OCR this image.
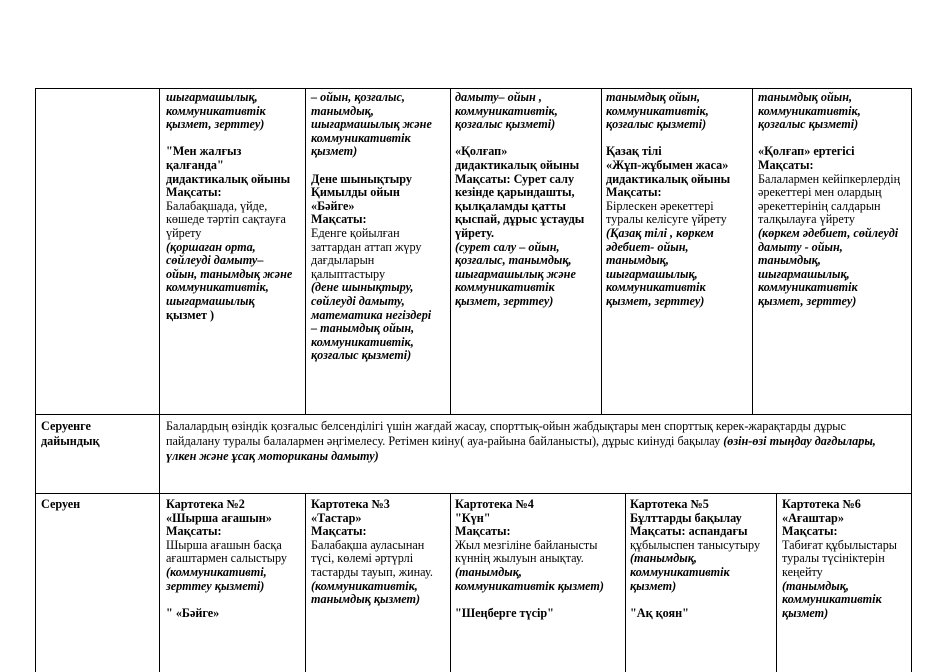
шығармашылық,

коммуникативтік

қызмет, зерттеу)

"Мен жалғыз

қалғанда"

дидактикалық ойыны

Мақсаты:

Балабақшада, үйде,

көшеде тәртіп сақтауға

үйрету

(қоршаған орта,

сөйлеуді дамыту–

ойын, танымдық және

коммуникативтік,

шығармашылық

қызмет )

– ойын, қозғалыс,

танымдық,

шығармашылық және

коммуникативтік

қызмет)

Дене шынықтыру

Қимылды ойын

«Бәйге»

Мақсаты:

Еденге қойылған

заттардан аттап жүру

дағдыларын

қалыптастыру

(дене шынықтыру,

сөйлеуді дамыту,

математика негіздері

– танымдық ойын,

коммуникативтік,

қозғалыс қызметі)

дамыту– ойын ,

коммуникативтік,

қозғалыс қызметі)

«Қолғап»

дидактикалық ойыны

Мақсаты: Сурет салу

кезінде қарындашты,

қылқаламды қатты

қыспай, дұрыс ұстауды

үйрету.

(сурет салу – ойын,

қозғалыс, танымдық,

шығармашылық және

коммуникативтік

қызмет, зерттеу)

танымдық ойын,

коммуникативтік,

қозғалыс қызметі)

Қазақ тілі

«Жұп-жұбымен жаса»

дидактикалық ойыны

Мақсаты:

Бірлескен әрекеттері

туралы келісуге үйрету

(Қазақ тілі , көркем

әдебиет- ойын,

танымдық,

шығармашылық,

коммуникативтік

қызмет, зерттеу)

танымдық ойын,

коммуникативтік,

қозғалыс қызметі)

«Қолғап» ертегісі

Мақсаты:

Балалармен кейіпкерлердің

әрекеттері мен олардың

әрекеттерінің салдарын

талқылауға үйрету

(көркем әдебиет, сөйлеуді

дамыту - ойын,

танымдық,

шығармашылық,

коммуникативтік

қызмет, зерттеу)

Серуенге

дайындық

Балалардың өзіндік қозғалыс белсенділігі үшін жағдай жасау, спорттық-ойын жабдықтары мен спорттық керек-жарақтарды дұрыс

пайдалану туралы балалармен әңгімелесу. Ретімен киіну( ауа-райына байланысты), дұрыс киінуді бақылау (өзін-өзі тыңдау дағдылары,

үлкен және ұсақ моториканы дамыту)

Серуен	Картотека №2

«Шырша ағашын»

Мақсаты:

Шырша ағашын басқа

ағаштармен салыстыру

(коммуникативті,

зерттеу қызметі)

" «Бәйге»

Картотека №3

«Тастар»

Мақсаты:

Балабақша ауласынан

түсі, көлемі әртүрлі

тастарды тауып, жинау.

(коммуникативтік,

танымдық қызмет)

Картотека №4

"Күн"

Мақсаты:

Жыл мезгіліне байланысты

күннің жылуын анықтау.

(танымдық,

коммуникативтік қызмет)

"Шеңберге түсір"

Картотека №5

Бұлттарды бақылау

Мақсаты: аспандағы

құбылыспен танысутыру

(танымдық,

коммуникативтік

қызмет)

"Ақ қоян"

Картотека №6

«Ағаштар»

Мақсаты:

Табиғат құбылыстары

туралы түсініктерін

кеңейту

(танымдық,

коммуникативтік

қызмет)
